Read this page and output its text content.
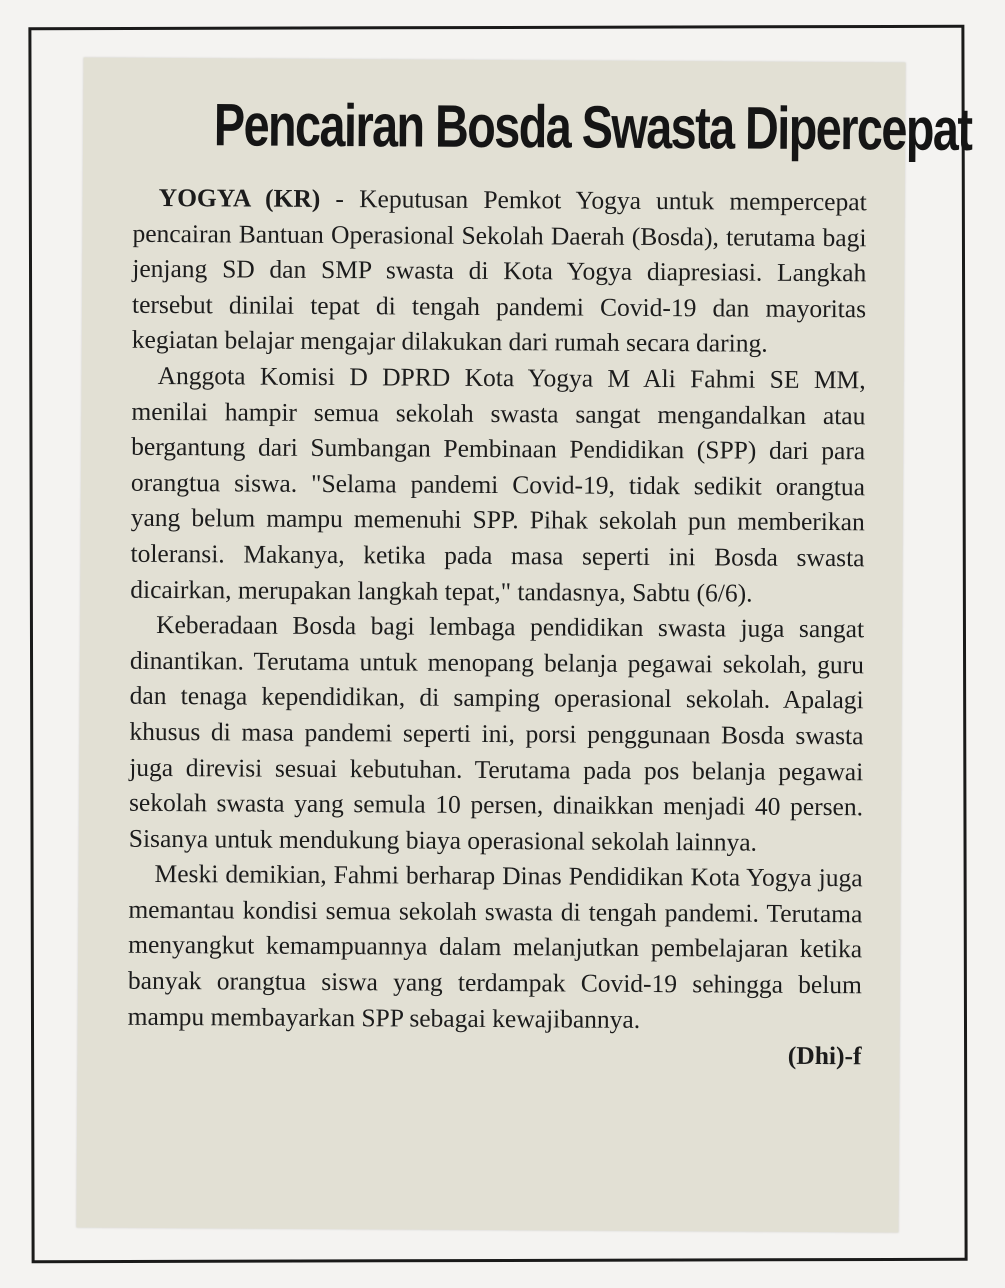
Pencairan Bosda Swasta Dipercepat

YOGYA (KR) - Keputusan Pemkot Yogya untuk mempercepat pencairan Bantuan Operasional Sekolah Daerah (Bosda), terutama bagi jenjang SD dan SMP swasta di Kota Yogya diapresiasi. Langkah tersebut dinilai tepat di tengah pandemi Covid-19 dan mayoritas kegiatan belajar mengajar dilakukan dari rumah secara daring.

Anggota Komisi D DPRD Kota Yogya M Ali Fahmi SE MM, menilai hampir semua sekolah swasta sangat mengandalkan atau bergantung dari Sumbangan Pembinaan Pendidikan (SPP) dari para orangtua siswa. "Selama pandemi Covid-19, tidak sedikit orangtua yang belum mampu memenuhi SPP. Pihak sekolah pun memberikan toleransi. Makanya, ketika pada masa seperti ini Bosda swasta dicairkan, merupakan langkah tepat," tandasnya, Sabtu (6/6).

Keberadaan Bosda bagi lembaga pendidikan swasta juga sangat dinantikan. Terutama untuk menopang belanja pegawai sekolah, guru dan tenaga kependidikan, di samping operasional sekolah. Apalagi khusus di masa pandemi seperti ini, porsi penggunaan Bosda swasta juga direvisi sesuai kebutuhan. Terutama pada pos belanja pegawai sekolah swasta yang semula 10 persen, dinaikkan menjadi 40 persen. Sisanya untuk mendukung biaya operasional sekolah lainnya.

Meski demikian, Fahmi berharap Dinas Pendidikan Kota Yogya juga memantau kondisi semua sekolah swasta di tengah pandemi. Terutama menyangkut kemampuannya dalam melanjutkan pembelajaran ketika banyak orangtua siswa yang terdampak Covid-19 sehingga belum mampu membayarkan SPP sebagai kewajibannya.

(Dhi)-f
